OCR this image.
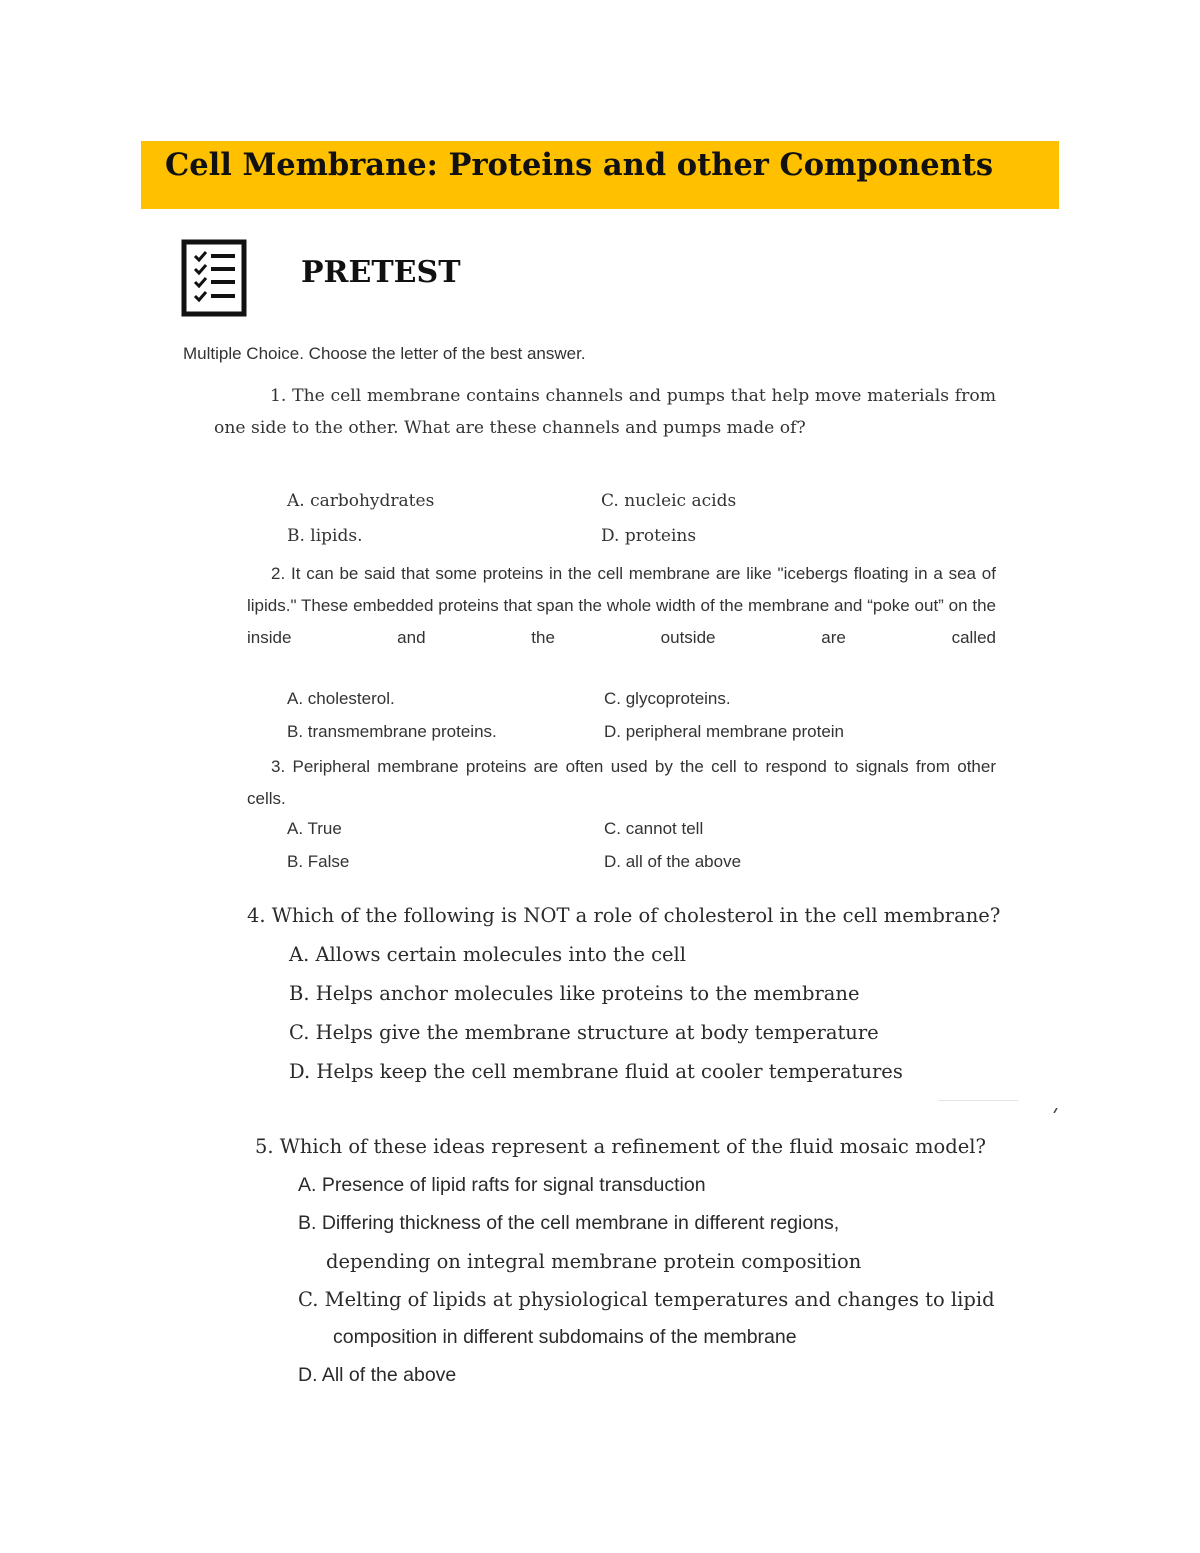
Cell Membrane: Proteins and other Components
PRETEST
Multiple Choice. Choose the letter of the best answer.
1. The cell membrane contains channels and pumps that help move materials from one side to the other. What are these channels and pumps made of?
A. carbohydrates
B. lipids.
C. nucleic acids
D. proteins
2. It can be said that some proteins in the cell membrane are like "icebergs floating in a sea of lipids." These embedded proteins that span the whole width of the membrane and “poke out” on the inside and the outside are called
A. cholesterol.
B. transmembrane proteins.
C. glycoproteins.
D. peripheral membrane protein
3. Peripheral membrane proteins are often used by the cell to respond to signals from other cells.
A. True
B. False
C. cannot tell
D. all of the above
4. Which of the following is NOT a role of cholesterol in the cell membrane?
A. Allows certain molecules into the cell
B. Helps anchor molecules like proteins to the membrane
C. Helps give the membrane structure at body temperature
D. Helps keep the cell membrane fluid at cooler temperatures
5. Which of these ideas represent a refinement of the fluid mosaic model?
A. Presence of lipid rafts for signal transduction
B. Differing thickness of the cell membrane in different regions,
depending on integral membrane protein composition
C. Melting of lipids at physiological temperatures and changes to lipid
composition in different subdomains of the membrane
D. All of the above
